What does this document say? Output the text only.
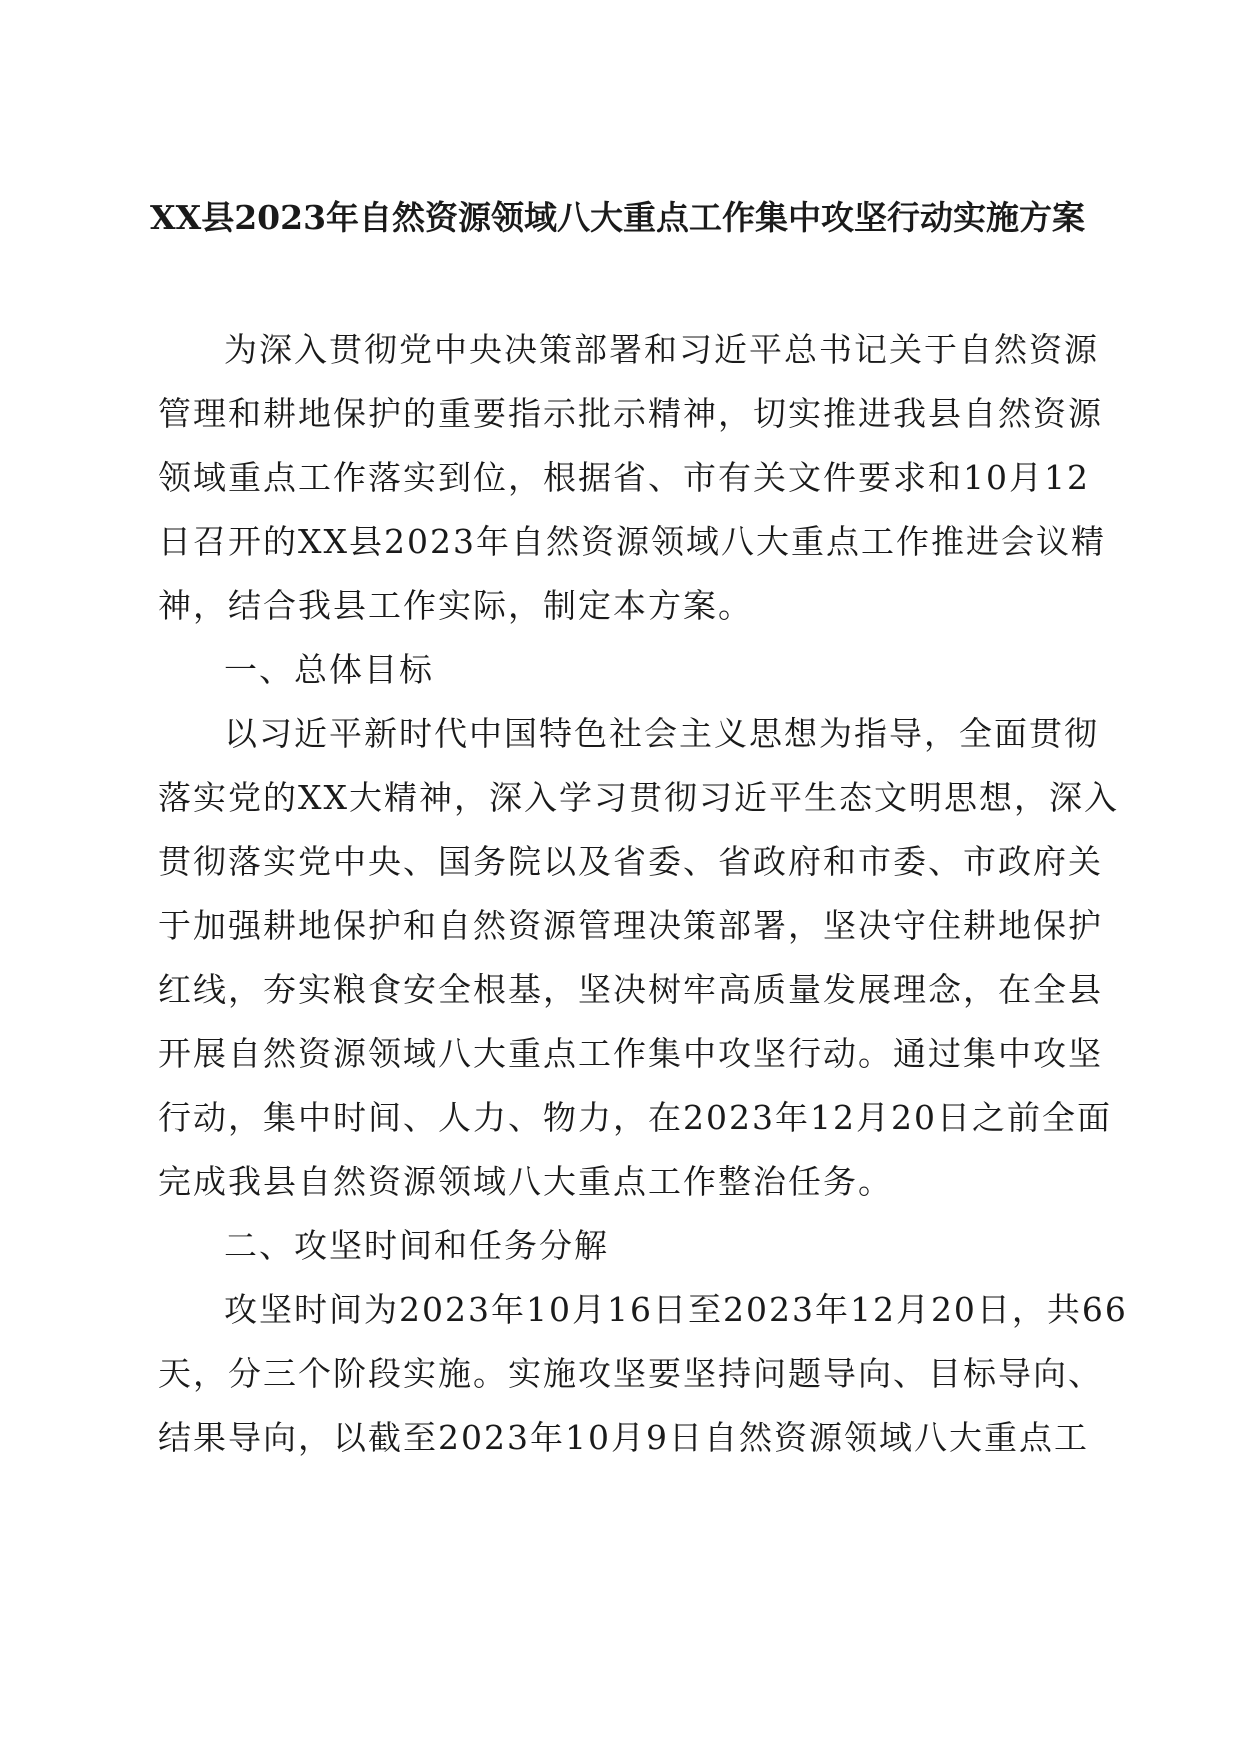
XX县2023年自然资源领域八大重点工作集中攻坚行动实施方案
为深入贯彻党中央决策部署和习近平总书记关于自然资源
管理和耕地保护的重要指示批示精神，切实推进我县自然资源
领域重点工作落实到位，根据省、市有关文件要求和10月12
日召开的XX县2023年自然资源领域八大重点工作推进会议精
神，结合我县工作实际，制定本方案。
一、总体目标
以习近平新时代中国特色社会主义思想为指导，全面贯彻
落实党的XX大精神，深入学习贯彻习近平生态文明思想，深入
贯彻落实党中央、国务院以及省委、省政府和市委、市政府关
于加强耕地保护和自然资源管理决策部署，坚决守住耕地保护
红线，夯实粮食安全根基，坚决树牢高质量发展理念，在全县
开展自然资源领域八大重点工作集中攻坚行动。通过集中攻坚
行动，集中时间、人力、物力，在2023年12月20日之前全面
完成我县自然资源领域八大重点工作整治任务。
二、攻坚时间和任务分解
攻坚时间为2023年10月16日至2023年12月20日，共66
天，分三个阶段实施。实施攻坚要坚持问题导向、目标导向、
结果导向，以截至2023年10月9日自然资源领域八大重点工
